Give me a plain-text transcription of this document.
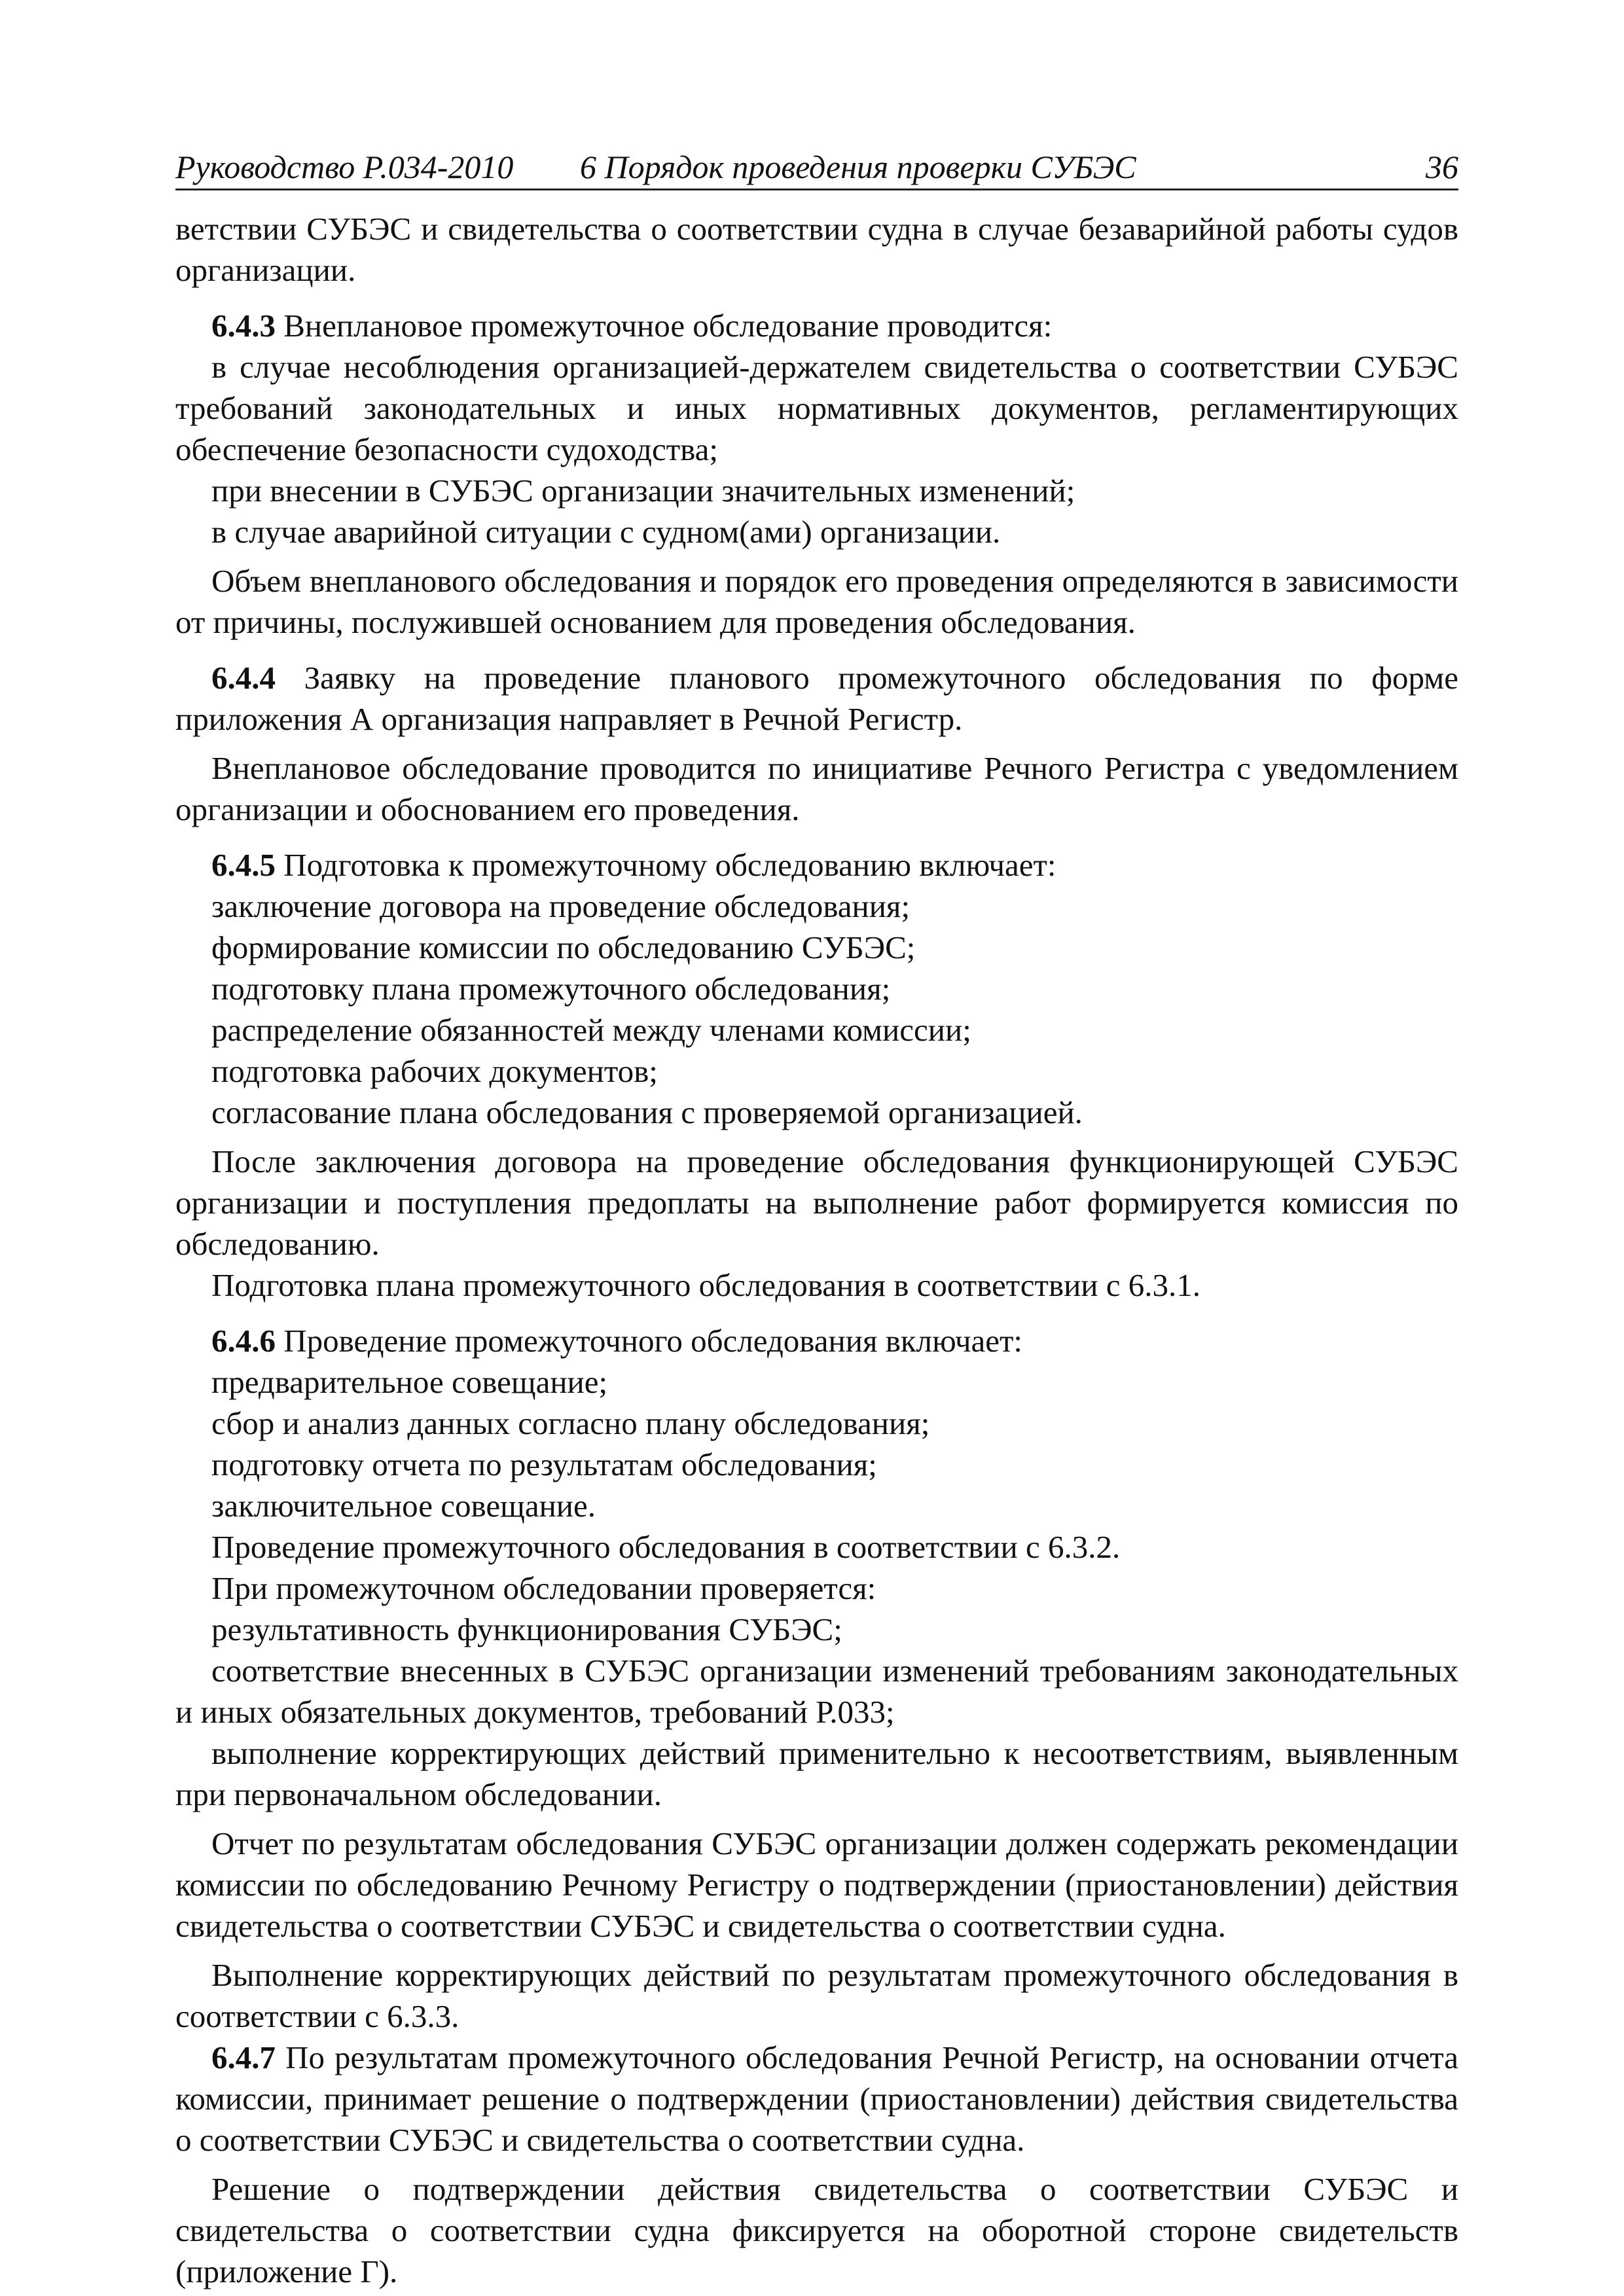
Руководство Р.034-2010 6 Порядок проведения проверки СУБЭС	36

ветствии СУБЭС и свидетельства о соответствии судна в случае безаварийной работы судов организации.

6.4.3 Внеплановое промежуточное обследование проводится:

в случае несоблюдения организацией-держателем свидетельства о соответствии СУБЭС требований законодательных и иных нормативных документов, регламентирующих обеспечение безопасности судоходства;

при внесении в СУБЭС организации значительных изменений;

в случае аварийной ситуации с судном(ами) организации.

Объем внепланового обследования и порядок его проведения определяются в зависимости от причины, послужившей основанием для проведения обследования.

6.4.4 Заявку на проведение планового промежуточного обследования по форме приложения А организация направляет в Речной Регистр.

Внеплановое обследование проводится по инициативе Речного Регистра с уведомлением организации и обоснованием его проведения.

6.4.5 Подготовка к промежуточному обследованию включает:

заключение договора на проведение обследования;

формирование комиссии по обследованию СУБЭС;

подготовку плана промежуточного обследования;

распределение обязанностей между членами комиссии;

подготовка рабочих документов;

согласование плана обследования с проверяемой организацией.

После заключения договора на проведение обследования функционирующей СУБЭС организации и поступления предоплаты на выполнение работ формируется комиссия по обследованию.

Подготовка плана промежуточного обследования в соответствии с 6.3.1.

6.4.6 Проведение промежуточного обследования включает:

предварительное совещание;

сбор и анализ данных согласно плану обследования;

подготовку отчета по результатам обследования;

заключительное совещание.

Проведение промежуточного обследования в соответствии с 6.3.2.

При промежуточном обследовании проверяется:

результативность функционирования СУБЭС;

соответствие внесенных в СУБЭС организации изменений требованиям законодательных и иных обязательных документов, требований Р.033;

выполнение корректирующих действий применительно к несоответствиям, выявленным при первоначальном обследовании.

Отчет по результатам обследования СУБЭС организации должен содержать рекомендации комиссии по обследованию Речному Регистру о подтверждении (приостановлении) действия свидетельства о соответствии СУБЭС и свидетельства о соответствии судна.

Выполнение корректирующих действий по результатам промежуточного обследования в соответствии с 6.3.3.

6.4.7 По результатам промежуточного обследования Речной Регистр, на основании отчета комиссии, принимает решение о подтверждении (приостановлении) действия свидетельства о соответствии СУБЭС и свидетельства о соответствии судна.

Решение о подтверждении действия свидетельства о соответствии СУБЭС и свидетельства о соответствии судна фиксируется на оборотной стороне свидетельств (приложение Г).
